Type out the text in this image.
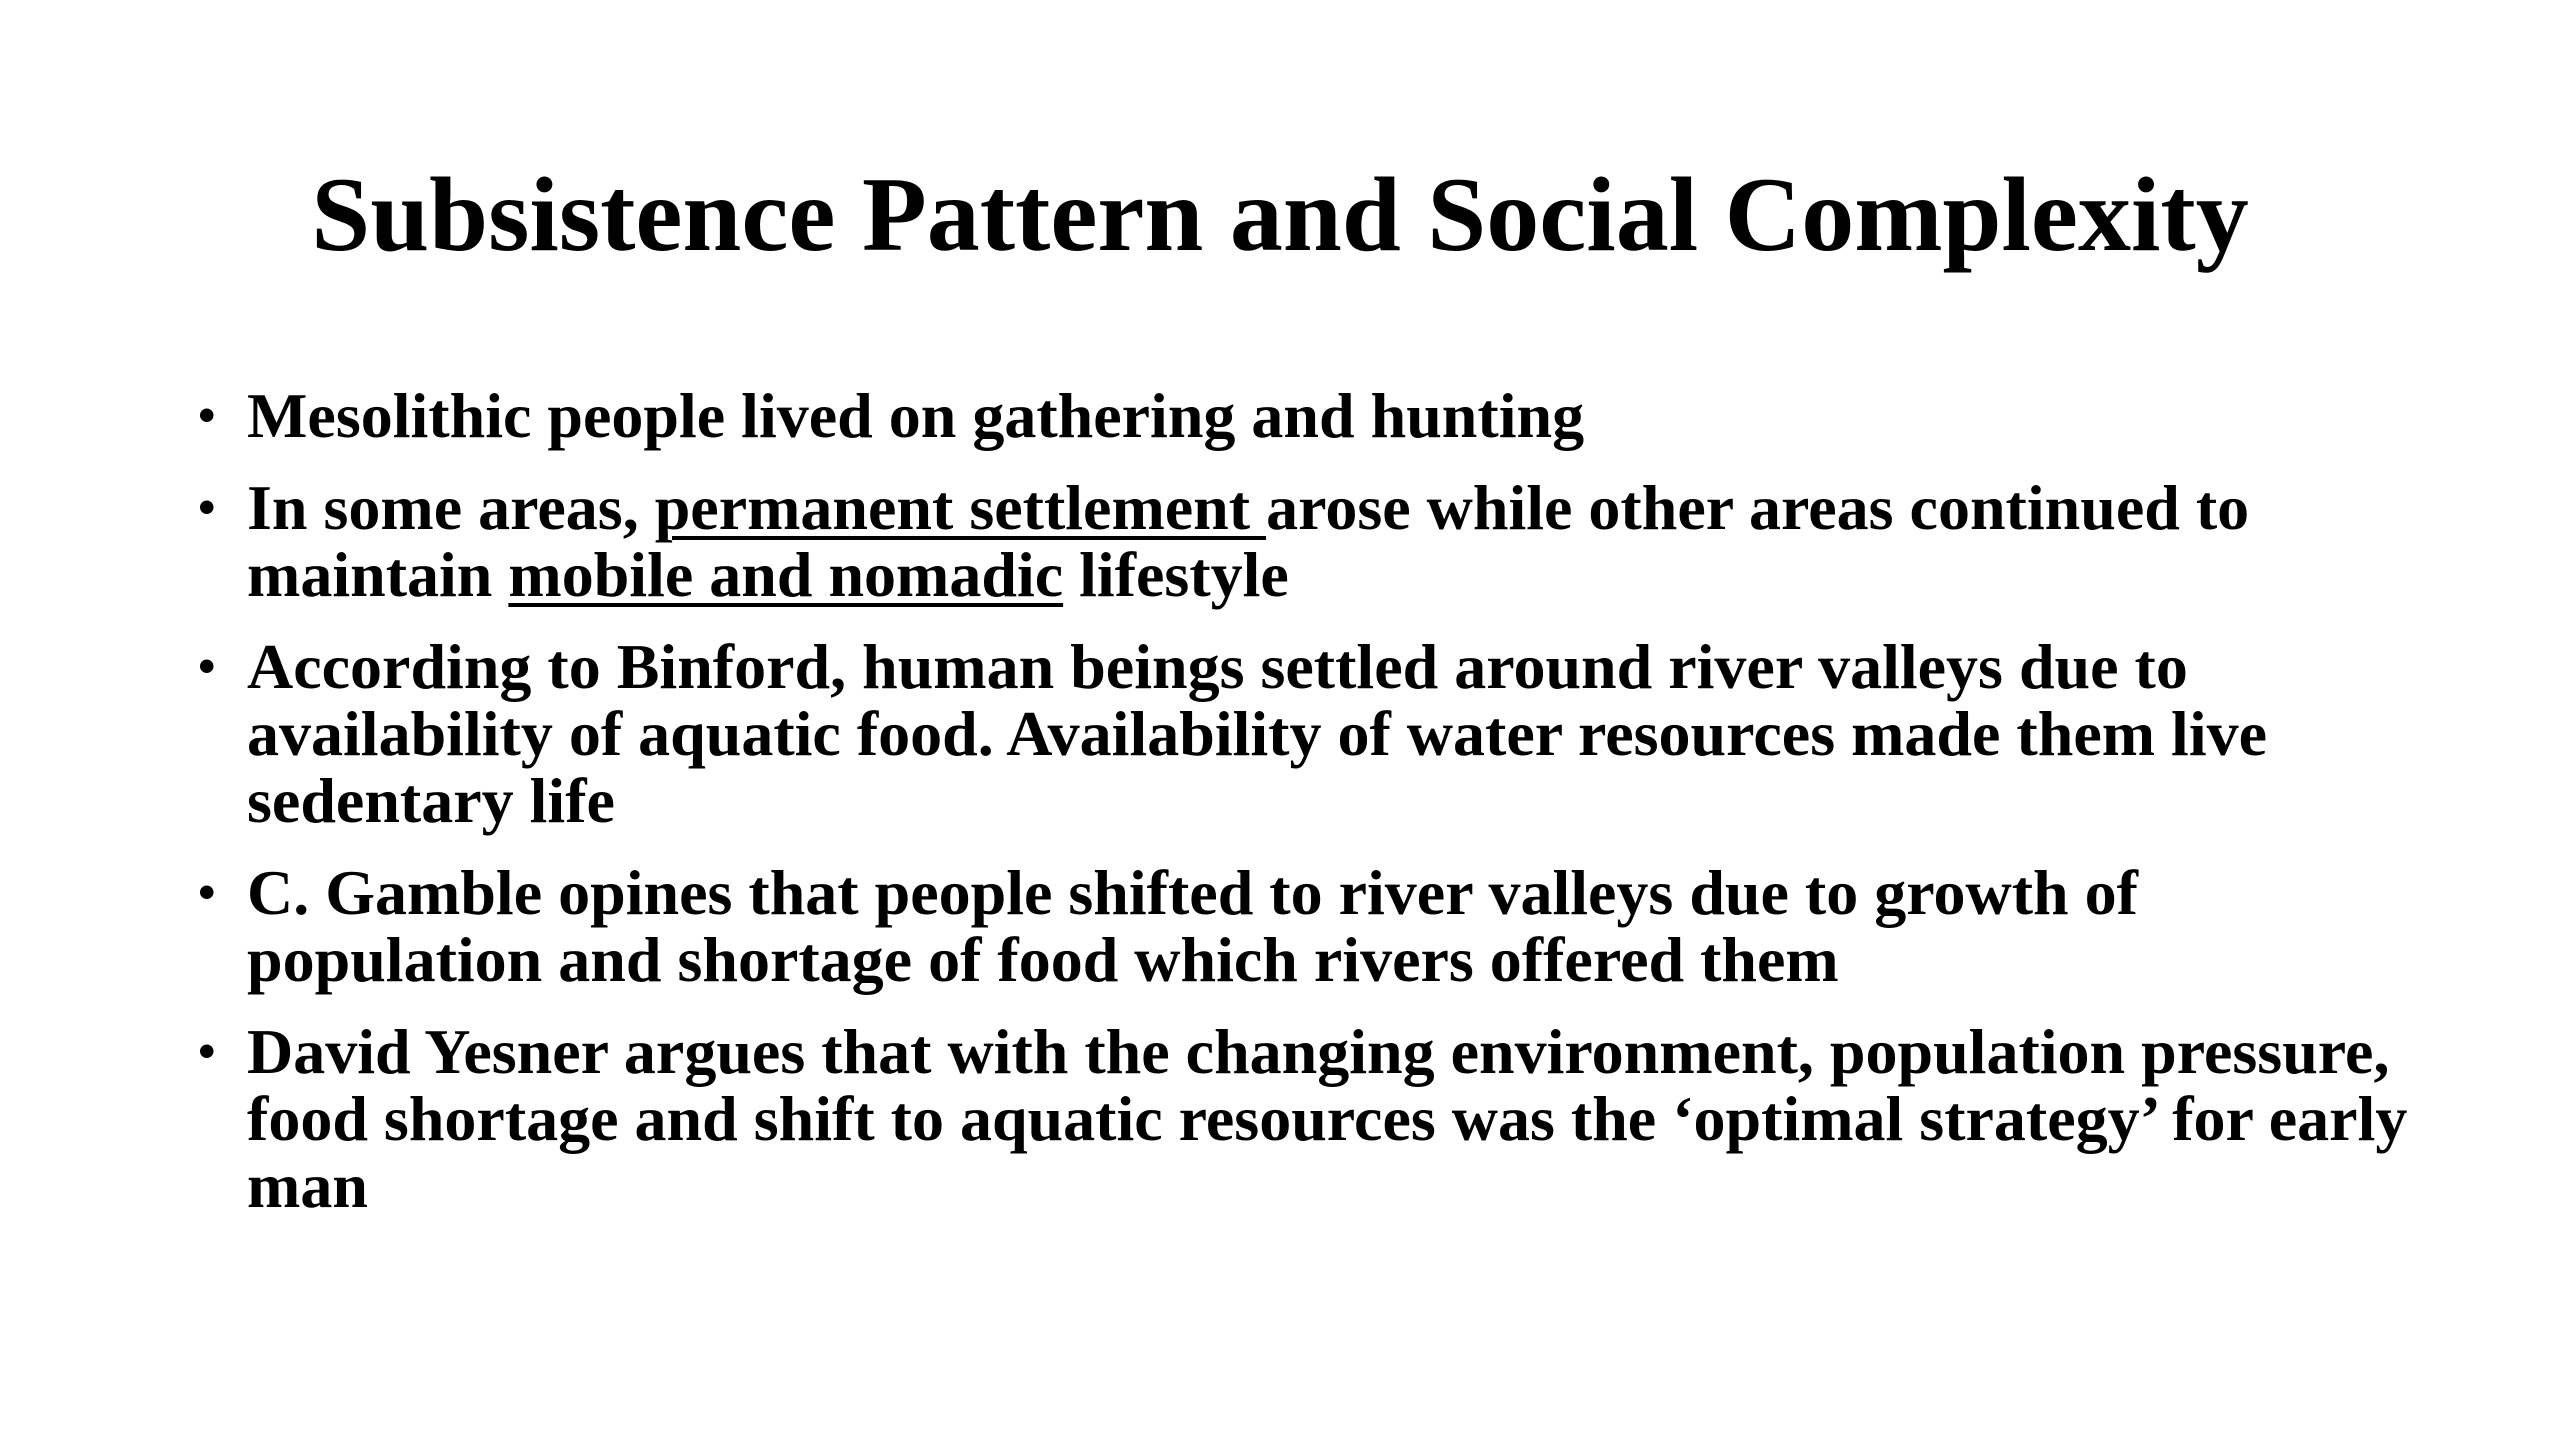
Subsistence Pattern and Social Complexity
• Mesolithic people lived on gathering and hunting
• In some areas, permanent settlement arose while other areas continued to maintain mobile and nomadic lifestyle
• According to Binford, human beings settled around river valleys due to availability of aquatic food. Availability of water resources made them live sedentary life
• C. Gamble opines that people shifted to river valleys due to growth of population and shortage of food which rivers offered them
• David Yesner argues that with the changing environment, population pressure, food shortage and shift to aquatic resources was the ‘optimal strategy’ for early man
